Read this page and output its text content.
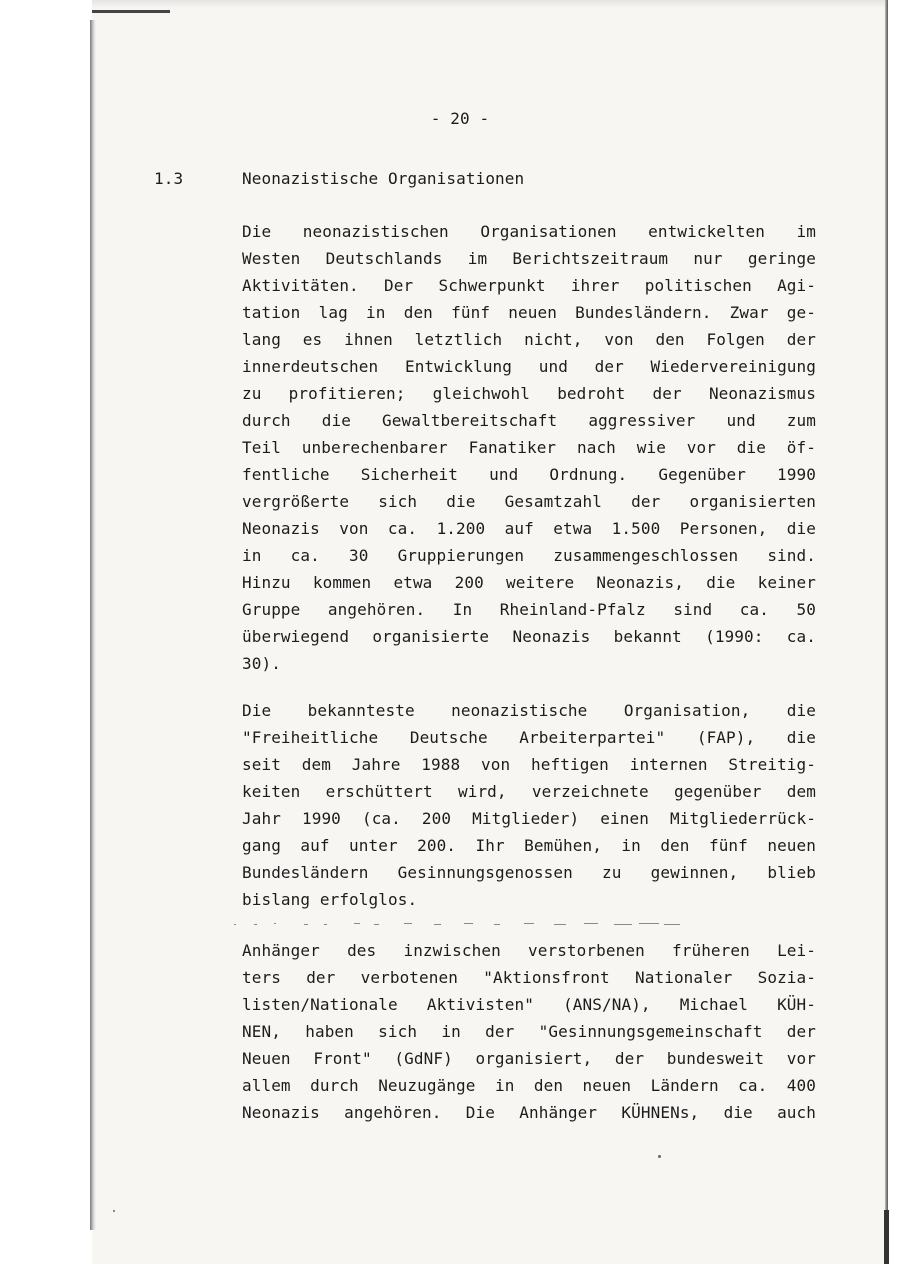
- 20 -
1.3	Neonazistische Organisationen
Die neonazistischen Organisationen entwickelten im
Westen Deutschlands im Berichtszeitraum nur geringe
Aktivitäten. Der Schwerpunkt ihrer politischen Agi-
tation lag in den fünf neuen Bundesländern. Zwar ge-
lang es ihnen letztlich nicht, von den Folgen der
innerdeutschen Entwicklung und der Wiedervereinigung
zu profitieren; gleichwohl bedroht der Neonazismus
durch die Gewaltbereitschaft aggressiver und zum
Teil unberechenbarer Fanatiker nach wie vor die öf-
fentliche Sicherheit und Ordnung. Gegenüber 1990
vergrößerte sich die Gesamtzahl der organisierten
Neonazis von ca. 1.200 auf etwa 1.500 Personen, die
in ca. 30 Gruppierungen zusammengeschlossen sind.
Hinzu kommen etwa 200 weitere Neonazis, die keiner
Gruppe angehören. In Rheinland-Pfalz sind ca. 50
überwiegend organisierte Neonazis bekannt (1990: ca.
30).
Die bekannteste neonazistische Organisation, die
"Freiheitliche Deutsche Arbeiterpartei" (FAP), die
seit dem Jahre 1988 von heftigen internen Streitig-
keiten erschüttert wird, verzeichnete gegenüber dem
Jahr 1990 (ca. 200 Mitglieder) einen Mitgliederrück-
gang auf unter 200. Ihr Bemühen, in den fünf neuen
Bundesländern Gesinnungsgenossen zu gewinnen, blieb
bislang erfolglos.
Anhänger des inzwischen verstorbenen früheren Lei-
ters der verbotenen "Aktionsfront Nationaler Sozia-
listen/Nationale Aktivisten" (ANS/NA), Michael KÜH-
NEN, haben sich in der "Gesinnungsgemeinschaft der
Neuen Front" (GdNF) organisiert, der bundesweit vor
allem durch Neuzugänge in den neuen Ländern ca. 400
Neonazis angehören. Die Anhänger KÜHNENs, die auch
